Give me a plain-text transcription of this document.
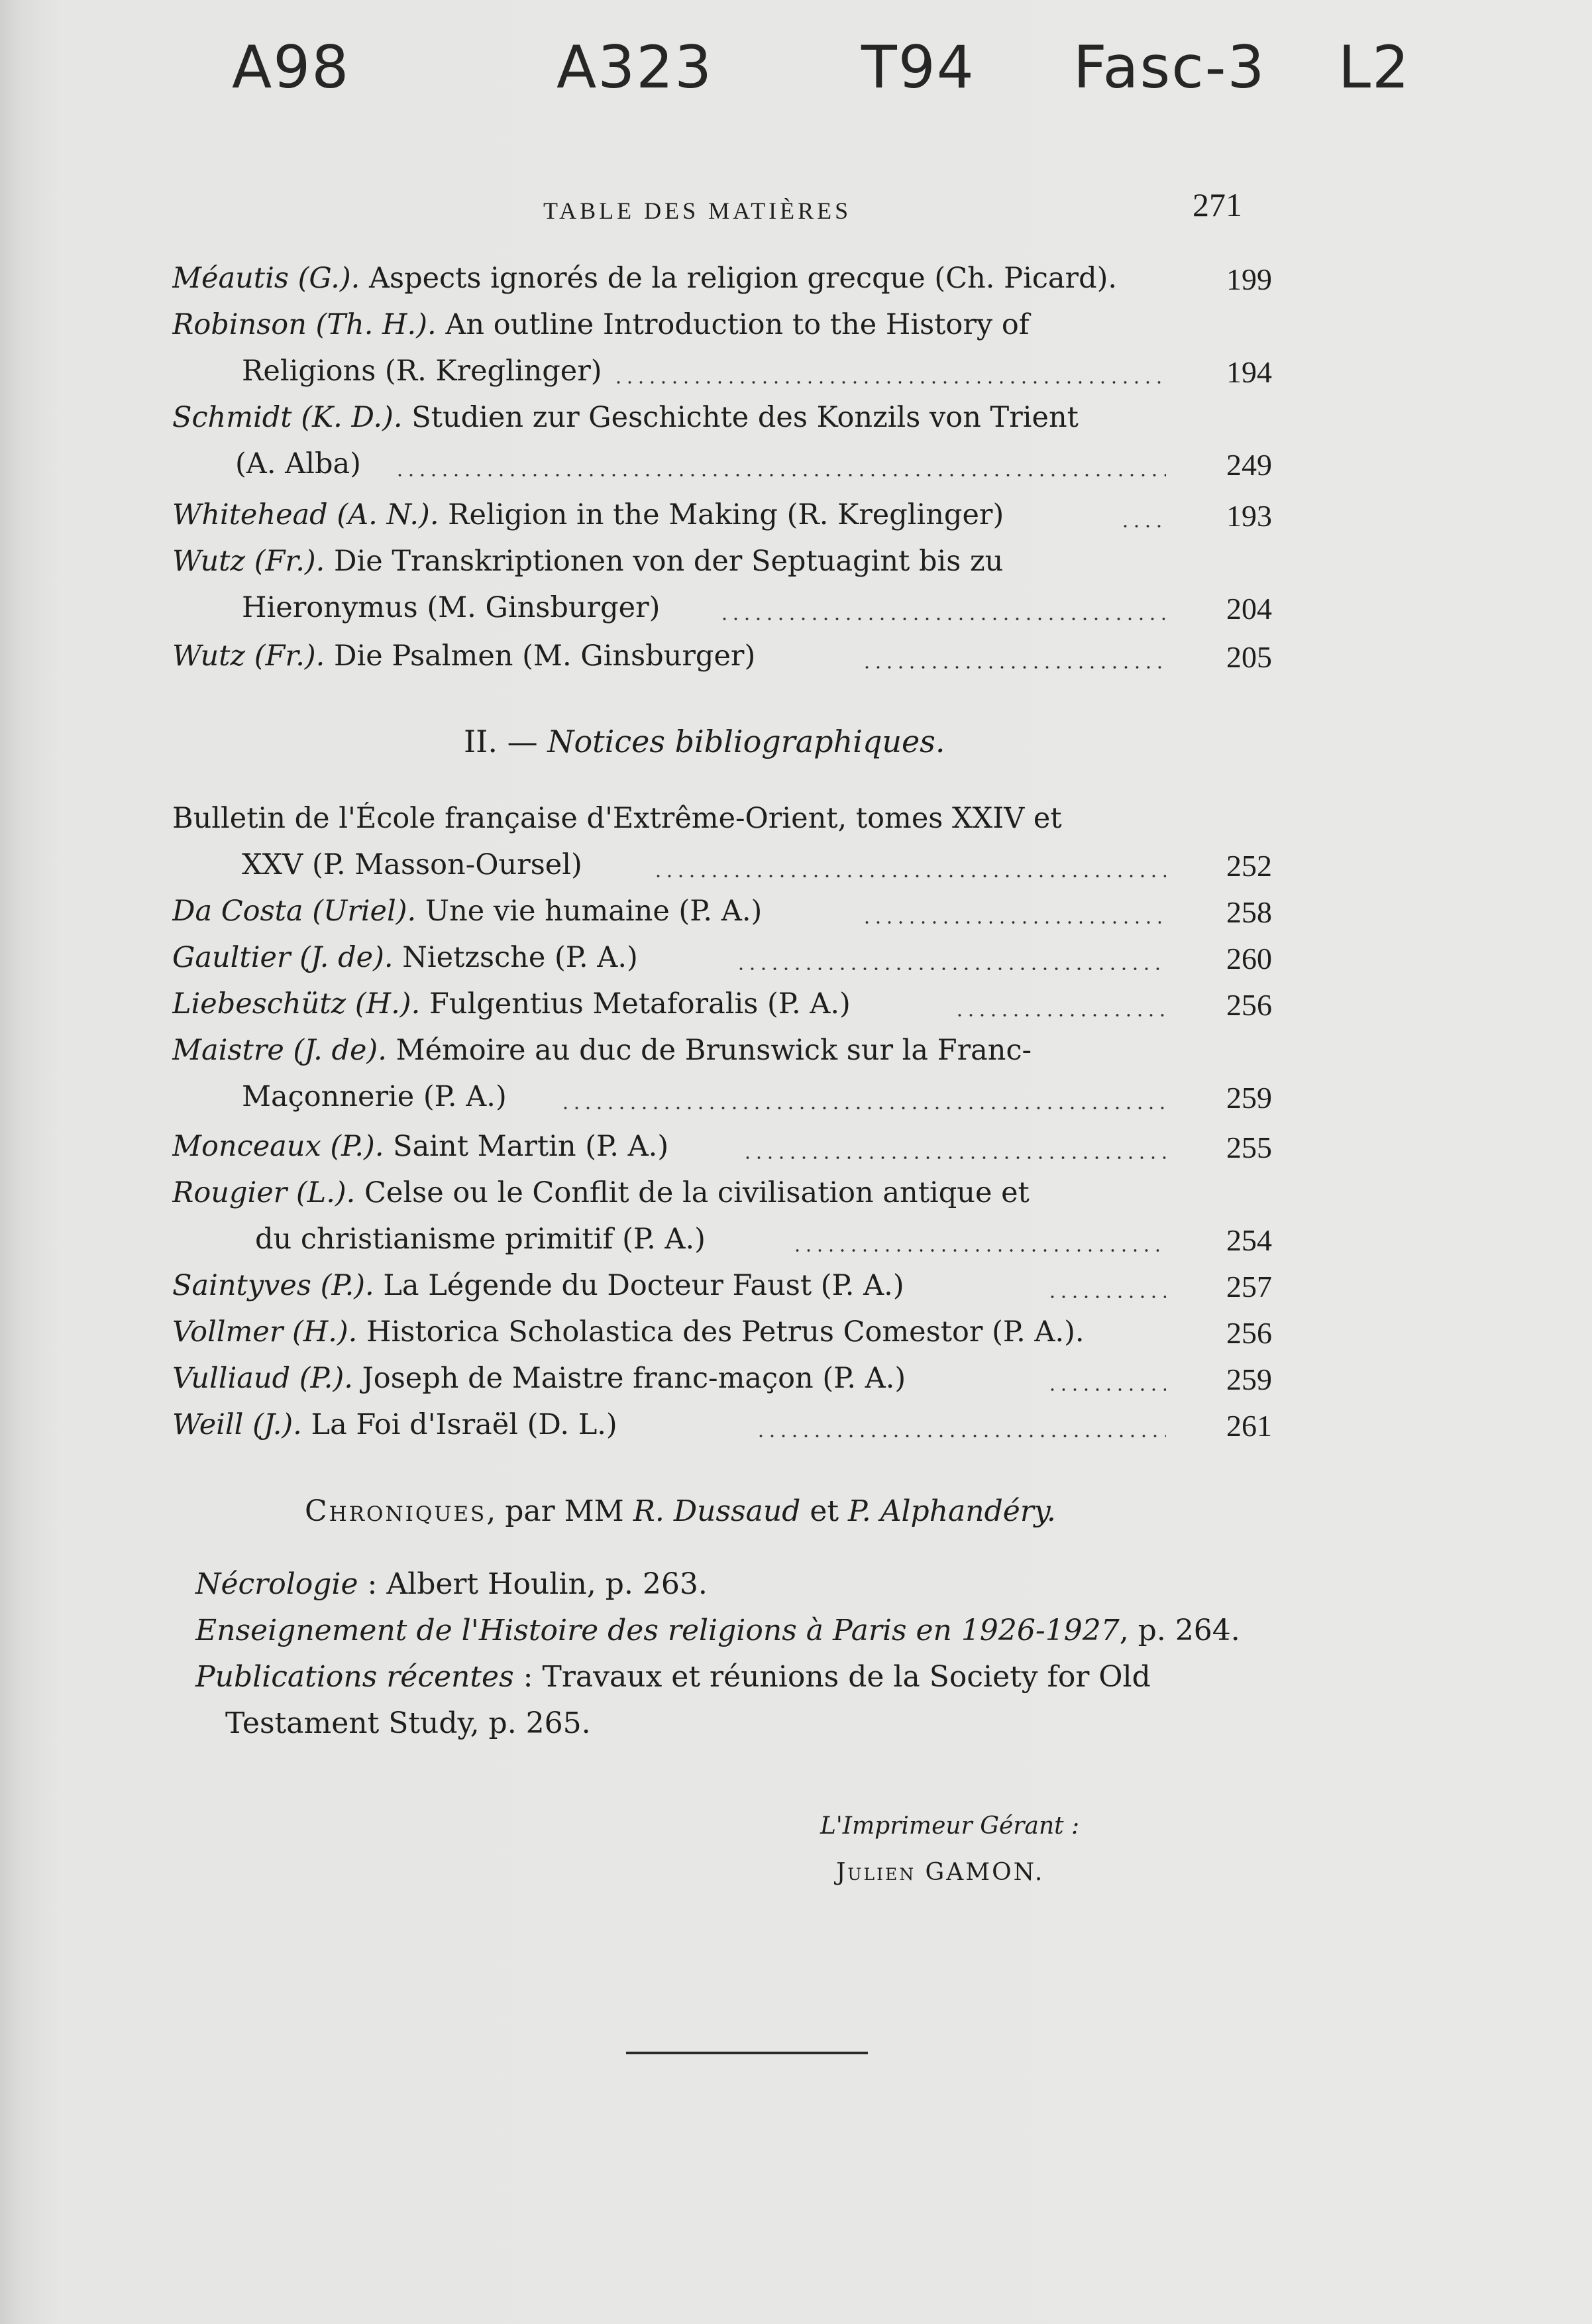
A98	A323	T94 Fasc-3 L2
TABLE DES MATIÈRES	271
Méautis (G.). Aspects ignorés de la religion grecque (Ch. Picard).	199
Robinson (Th. H.). An outline Introduction to the History of
Religions (R. Kreglinger)	194
Schmidt (K. D.). Studien zur Geschichte des Konzils von Trient
(A. Alba)	249
Whitehead (A. N.). Religion in the Making (R. Kreglinger)	193
Wutz (Fr.). Die Transkriptionen von der Septuagint bis zu
Hieronymus (M. Ginsburger)	204
Wutz (Fr.). Die Psalmen (M. Ginsburger)	205
II. — Notices bibliographiques.
Bulletin de l'École française d'Extrême-Orient, tomes XXIV et
XXV (P. Masson-Oursel)	252
Da Costa (Uriel). Une vie humaine (P. A.)	258
Gaultier (J. de). Nietzsche (P. A.)	260
Liebeschütz (H.). Fulgentius Metaforalis (P. A.)	256
Maistre (J. de). Mémoire au duc de Brunswick sur la Franc-
Maçonnerie (P. A.)	259
Monceaux (P.). Saint Martin (P. A.)	255
Rougier (L.). Celse ou le Conflit de la civilisation antique et
du christianisme primitif (P. A.)	254
Saintyves (P.). La Légende du Docteur Faust (P. A.)	257
Vollmer (H.). Historica Scholastica des Petrus Comestor (P. A.).	256
Vulliaud (P.). Joseph de Maistre franc-maçon (P. A.)	259
Weill (J.). La Foi d'Israël (D. L.)	261
Chroniques, par MM R. Dussaud et P. Alphandéry.
Nécrologie : Albert Houlin, p. 263.
Enseignement de l'Histoire des religions à Paris en 1926-1927, p. 264.
Publications récentes : Travaux et réunions de la Society for Old
Testament Study, p. 265.
L'Imprimeur Gérant :
Julien GAMON.
